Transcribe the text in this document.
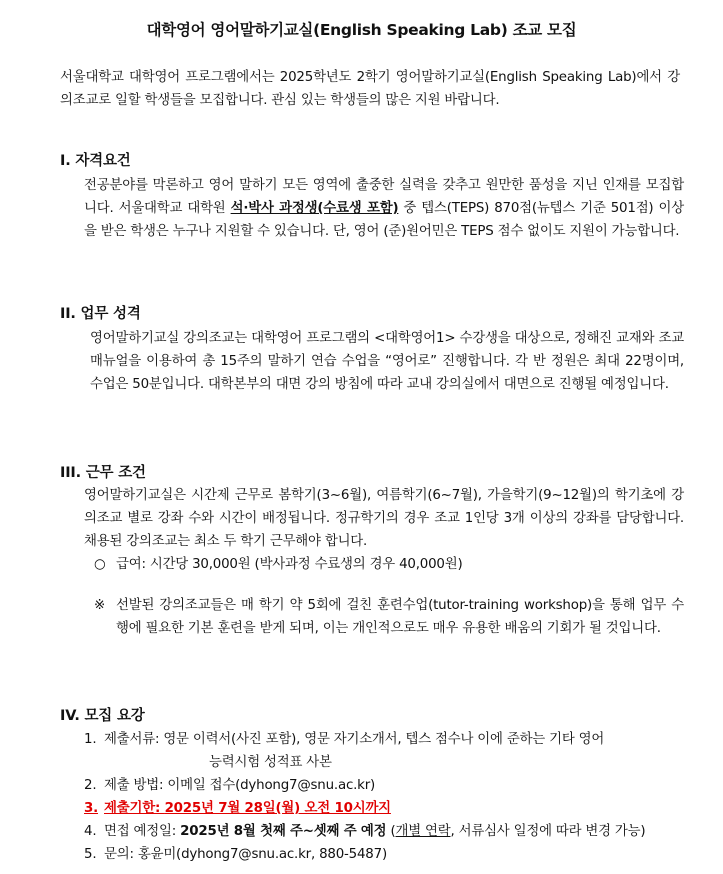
대학영어 영어말하기교실(English Speaking Lab) 조교 모집

서울대학교 대학영어 프로그램에서는 2025학년도 2학기 영어말하기교실(English Speaking Lab)에서 강의조교로 일할 학생들을 모집합니다. 관심 있는 학생들의 많은 지원 바랍니다.

I. 자격요건

전공분야를 막론하고 영어 말하기 모든 영역에 출중한 실력을 갖추고 원만한 품성을 지닌 인재를 모집합니다. 서울대학교 대학원 석·박사 과정생(수료생 포함) 중 텝스(TEPS) 870점(뉴텝스 기준 501점) 이상을 받은 학생은 누구나 지원할 수 있습니다. 단, 영어 (준)원어민은 TEPS 점수 없이도 지원이 가능합니다.

II. 업무 성격

영어말하기교실 강의조교는 대학영어 프로그램의 <대학영어1> 수강생을 대상으로, 정해진 교재와 조교 매뉴얼을 이용하여 총 15주의 말하기 연습 수업을 “영어로” 진행합니다. 각 반 정원은 최대 22명이며, 수업은 50분입니다. 대학본부의 대면 강의 방침에 따라 교내 강의실에서 대면으로 진행될 예정입니다.

III. 근무 조건

영어말하기교실은 시간제 근무로 봄학기(3~6월), 여름학기(6~7월), 가을학기(9~12월)의 학기초에 강의조교 별로 강좌 수와 시간이 배정됩니다. 정규학기의 경우 조교 1인당 3개 이상의 강좌를 담당합니다. 채용된 강의조교는 최소 두 학기 근무해야 합니다.

○ 급여: 시간당 30,000원 (박사과정 수료생의 경우 40,000원)
※ 선발된 강의조교들은 매 학기 약 5회에 걸친 훈련수업(tutor-training workshop)을 통해 업무 수행에 필요한 기본 훈련을 받게 되며, 이는 개인적으로도 매우 유용한 배움의 기회가 될 것입니다.
IV. 모집 요강
1. 제출서류: 영문 이력서(사진 포함), 영문 자기소개서, 텝스 점수나 이에 준하는 기타 영어
능력시험 성적표 사본
2. 제출 방법: 이메일 접수(dyhong7@snu.ac.kr)
3. 제출기한: 2025년 7월 28일(월) 오전 10시까지
4. 면접 예정일: 2025년 8월 첫째 주~셋째 주 예정 (개별 연락, 서류심사 일정에 따라 변경 가능)
5. 문의: 홍윤미(dyhong7@snu.ac.kr, 880-5487)
